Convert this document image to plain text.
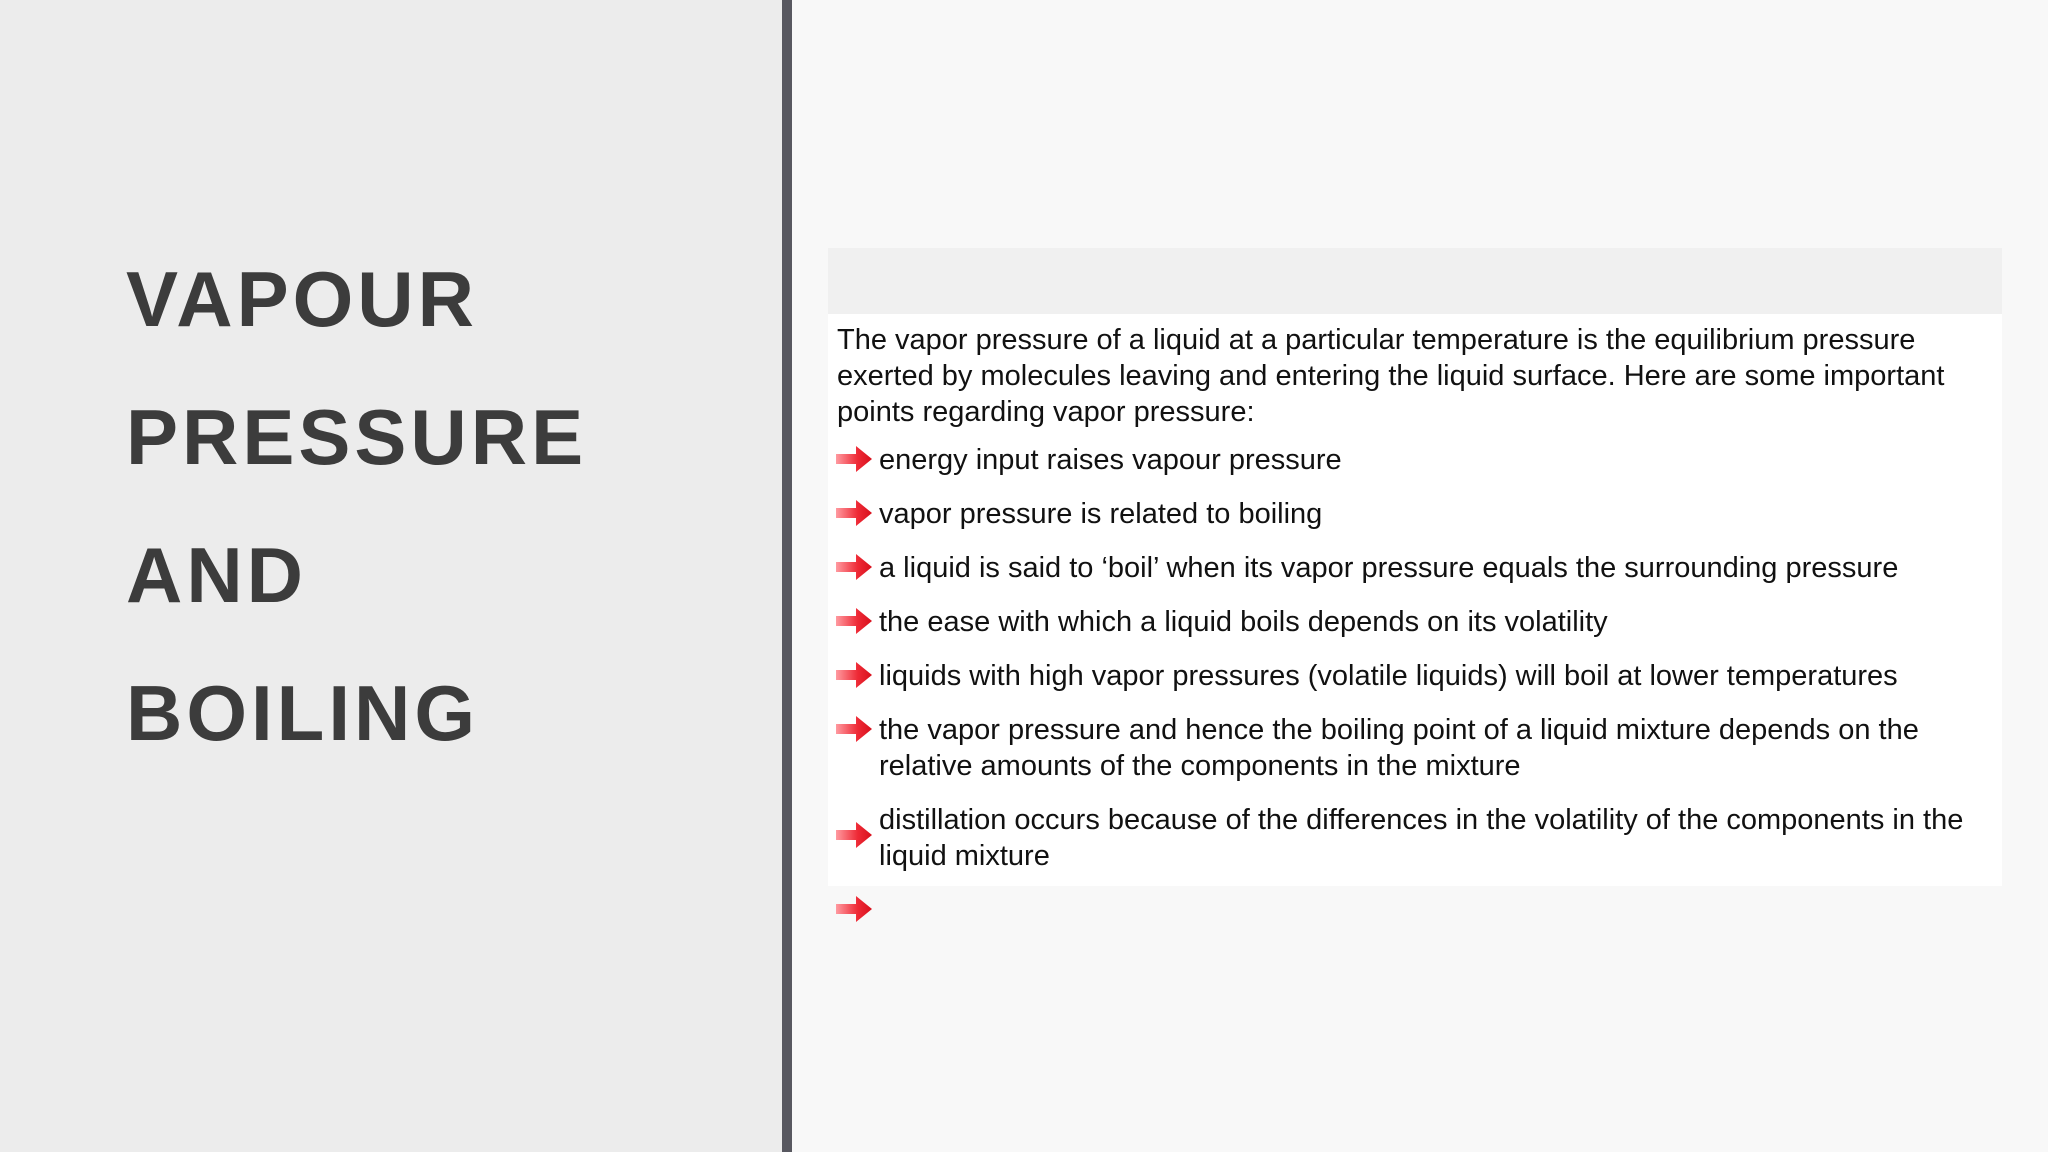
VAPOUR
PRESSURE
AND
BOILING

The vapor pressure of a liquid at a particular temperature is the equilibrium pressure exerted by molecules leaving and entering the liquid surface. Here are some important points regarding vapor pressure:

energy input raises vapour pressure
vapor pressure is related to boiling
a liquid is said to ‘boil’ when its vapor pressure equals the surrounding pressure
the ease with which a liquid boils depends on its volatility
liquids with high vapor pressures (volatile liquids) will boil at lower temperatures
the vapor pressure and hence the boiling point of a liquid mixture depends on the relative amounts of the components in the mixture
distillation occurs because of the differences in the volatility of the components in the liquid mixture
